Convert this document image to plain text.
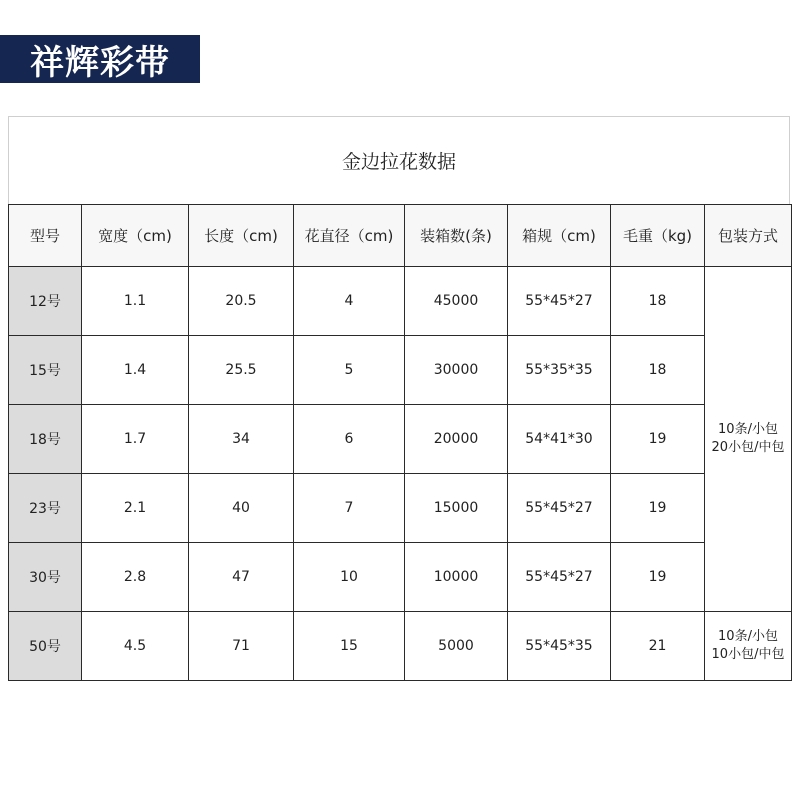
祥辉彩带
金边拉花数据
型号	宽度（cm)	长度（cm)	花直径（cm)	装箱数(条)	箱规（cm)	毛重（kg)	包装方式
12号	1.1	20.5	4	45000	55*45*27	18	10条/小包
20小包/中包

15号	1.4	25.5	5	30000	55*35*35	18	
18号	1.7	34	6	20000	54*41*30	19	
23号	2.1	40	7	15000	55*45*27	19	
30号	2.8	47	10	10000	55*45*27	19	
50号	4.5	71	15	5000	55*45*35	21	10条/小包
10小包/中包
